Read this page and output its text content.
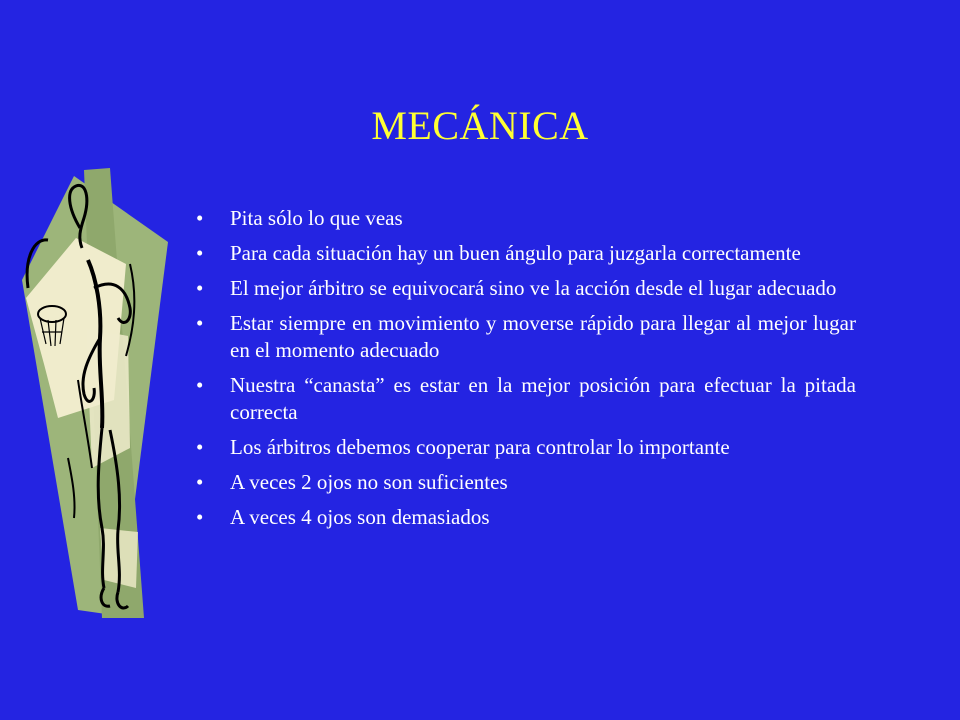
MECÁNICA
•	Pita sólo lo que veas
•	Para cada situación hay un buen ángulo para juzgarla correctamente
•	El mejor árbitro se equivocará sino ve la acción desde el lugar adecuado
•	Estar siempre en movimiento y moverse rápido para llegar al mejor lugar en el momento adecuado
•	Nuestra “canasta” es estar en la mejor posición para efectuar la pitada correcta
•	Los árbitros debemos cooperar para controlar lo importante
•	A veces 2 ojos no son suficientes
•	A veces 4 ojos son demasiados
